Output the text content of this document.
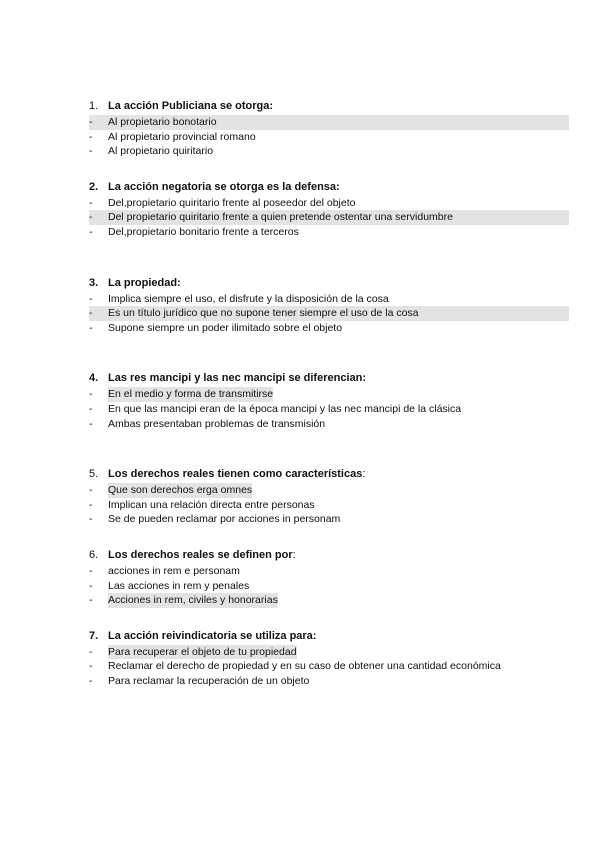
1. La acción Publiciana se otorga:
-	Al propietario bonotario
-	Al propietario provincial romano
-	Al propietario quiritario
2. La acción negatoria se otorga es la defensa:
-	Del,propietario quiritario frente al poseedor del objeto
-	Del propietario quiritario frente a quien pretende ostentar una servidumbre
-	Del,propietario bonitario frente a terceros
3. La propiedad:
-	Implica siempre el uso, el disfrute y la disposición de la cosa
-	Es un título jurídico que no supone tener siempre el uso de la cosa
-	Supone siempre un poder ilimitado sobre el objeto
4. Las res mancipi y las nec mancipi se diferencian:
-	En el medio y forma de transmitirse
-	En que las mancipi eran de la época mancipi y las nec mancipi de la clásica
-	Ambas presentaban problemas de transmisión
5. Los derechos reales tienen como características :
-	Que son derechos erga omnes
-	Implican una relación directa entre personas
-	Se de pueden reclamar por acciones in personam
6. Los derechos reales se definen por :
-	acciones in rem e personam
-	Las acciones in rem y penales
-	Acciones in rem, civiles y honorarias
7. La acción reivindicatoria se utiliza para:
-	Para recuperar el objeto de tu propiedad
-	Reclamar el derecho de propiedad y en su caso de obtener una cantidad económica
-	Para reclamar la recuperación de un objeto
